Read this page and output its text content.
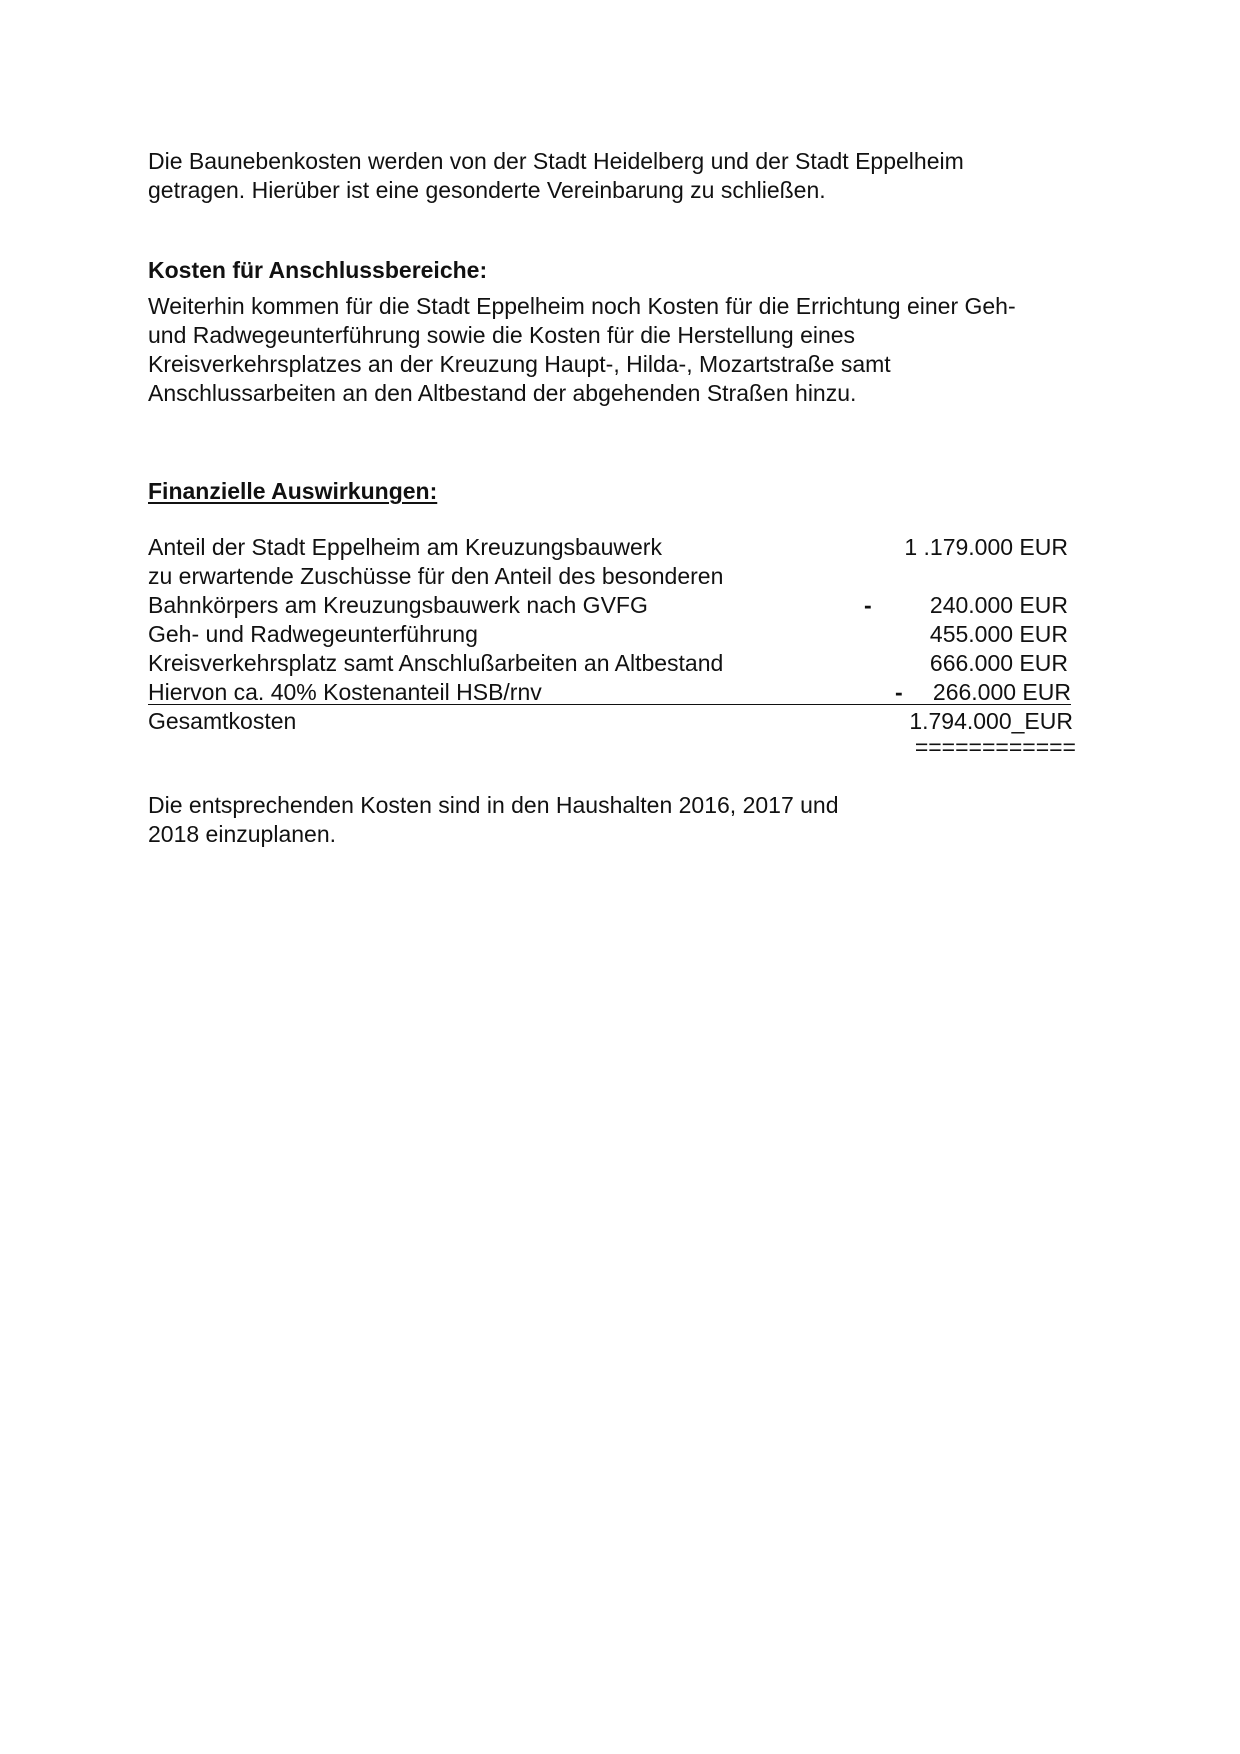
Die Baunebenkosten werden von der Stadt Heidelberg und der Stadt Eppelheim
getragen. Hierüber ist eine gesonderte Vereinbarung zu schließen.
Kosten für Anschlussbereiche:
Weiterhin kommen für die Stadt Eppelheim noch Kosten für die Errichtung einer Geh-
und Radwegeunterführung sowie die Kosten für die Herstellung eines
Kreisverkehrsplatzes an der Kreuzung Haupt-, Hilda-, Mozartstraße samt
Anschlussarbeiten an den Altbestand der abgehenden Straßen hinzu.
Finanzielle Auswirkungen:
Anteil der Stadt Eppelheim am Kreuzungsbauwerk	1 .179.000 EUR
zu erwartende Zuschüsse für den Anteil des besonderen
Bahnkörpers am Kreuzungsbauwerk nach GVFG	-	240.000 EUR
Geh- und Radwegeunterführung	455.000 EUR
Kreisverkehrsplatz samt Anschlußarbeiten an Altbestand	666.000 EUR
Hiervon ca. 40% Kostenanteil HSB/rnv	- 266.000 EUR
Gesamtkosten	1.794.000_EUR
============
Die entsprechenden Kosten sind in den Haushalten 2016, 2017 und
2018 einzuplanen.
